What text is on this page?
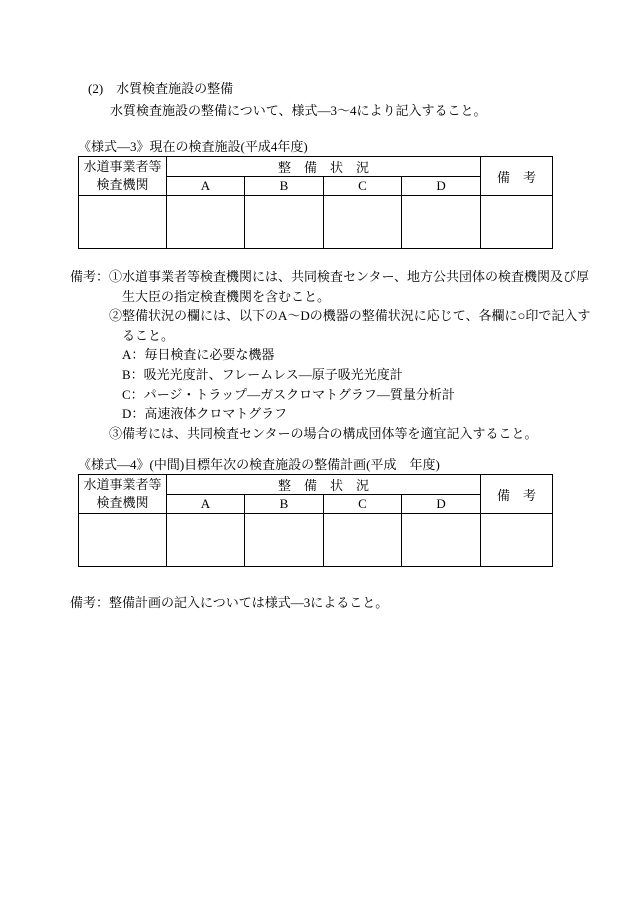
(2)　水質検査施設の整備
水質検査施設の整備について、様式—3〜4により記入すること。
《様式—3》現在の検査施設(平成4年度)
水道事業者等
検査機関	整　備　状　況				備　考
	A	B	C	D	

備考：①水道事業者等検査機関には、共同検査センター、地方公共団体の検査機関及び厚
生大臣の指定検査機関を含むこと。
②整備状況の欄には、以下のA〜Dの機器の整備状況に応じて、各欄に○印で記入す
ること。
A：毎日検査に必要な機器
B：吸光光度計、フレームレス—原子吸光光度計
C：パージ・トラップ—ガスクロマトグラフ—質量分析計
D：高速液体クロマトグラフ
③備考には、共同検査センターの場合の構成団体等を適宜記入すること。
《様式—4》(中間)目標年次の検査施設の整備計画(平成　年度)
水道事業者等
検査機関	整　備　状　況				備　考
	A	B	C	D	

備考：整備計画の記入については様式—3によること。
